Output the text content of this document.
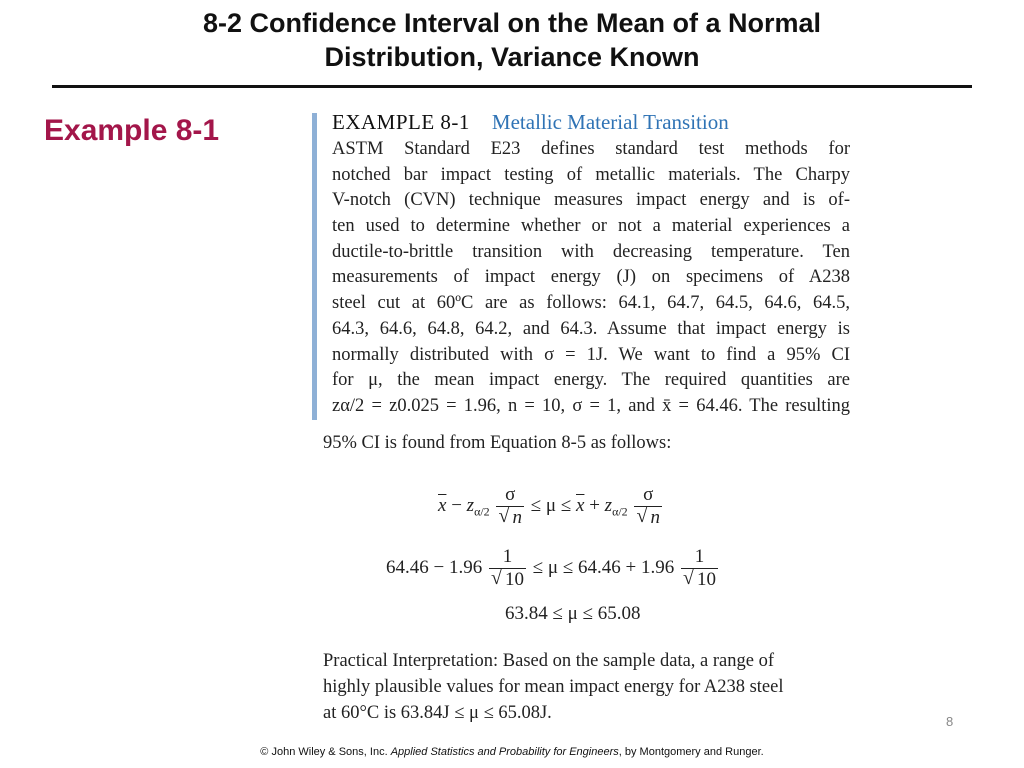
8-2 Confidence Interval on the Mean of a Normal
Distribution, Variance Known
Example 8-1	EXAMPLE 8-1 Metallic Material Transition
ASTM Standard E23 defines standard test methods for
notched bar impact testing of metallic materials. The Charpy
V-notch (CVN) technique measures impact energy and is of-
ten used to determine whether or not a material experiences a
ductile-to-brittle transition with decreasing temperature. Ten
measurements of impact energy (J) on specimens of A238
steel cut at 60ºC are as follows: 64.1, 64.7, 64.5, 64.6, 64.5,
64.3, 64.6, 64.8, 64.2, and 64.3. Assume that impact energy is
normally distributed with σ = 1J. We want to find a 95% CI
for μ, the mean impact energy. The required quantities are
zα/2 = z0.025 = 1.96, n = 10, σ = 1, and x̄ = 64.46. The resulting
95% CI is found from Equation 8-5 as follows:
$\overline{x} - z_{\alpha/2} \frac{\sigma}{√ n} \le \mu \le \overline{x} + z_{\alpha/2} \frac{\sigma}{√ n}$
$64.46 - 1.96 \frac{1}{√ 10} \le \mu \le 64.46 + 1.96 \frac{1}{√ 10}$
63.84 ≤ μ ≤ 65.08
Practical Interpretation: Based on the sample data, a range of
highly plausible values for mean impact energy for A238 steel
at 60°C is 63.84J ≤ μ ≤ 65.08J.	8
© John Wiley & Sons, Inc. Applied Statistics and Probability for Engineers, by Montgomery and Runger.
